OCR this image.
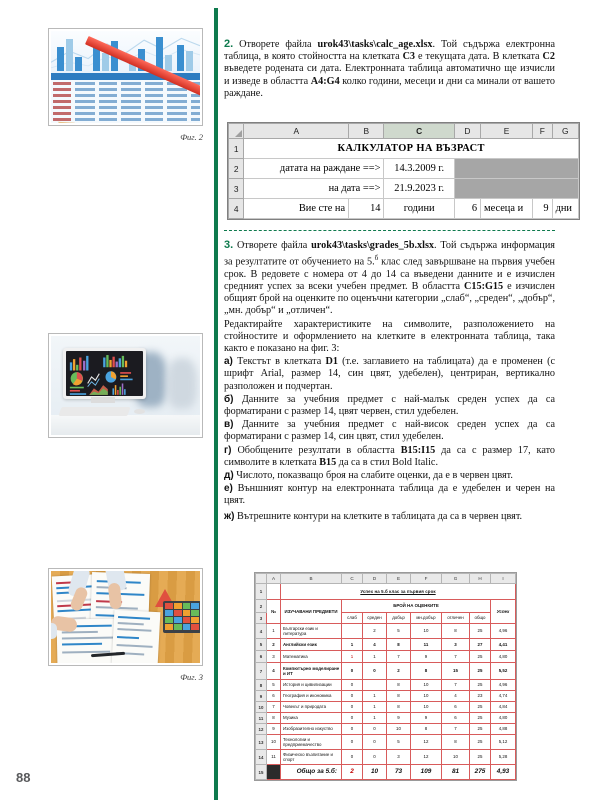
Фиг. 2
Фиг. 3
2. Отворете файла urok43\tasks\calc_age.xlsx. Той съдържа електронна таблица, в която стойността на клетката C3 е текущата дата. В клетката C2 въведете родената си дата. Електронната таблица автоматично ще изчисли и изведе в областта A4:G4 колко години, месеци и дни са минали от вашето раждане.
	A	B	C	D	E	F	G
1	КАЛКУЛАТОР НА ВЪЗРАСТ						
2	датата на раждане ==>		14.3.2009 г.				
3	на дата ==>		21.9.2023 г.				
4	Вие сте на	14	години	6	месеца и	9	дни
3. Отворете файла urok43\tasks\grades_5b.xlsx. Той съдържа информация за резултатите от обучението на 5.$^б$ клас след завършване на първия учебен срок. В редовете с номера от 4 до 14 са въведени данните и е изчислен средният успех за всеки учебен предмет. В областта C15:G15 е изчислен общият брой на оценките по оценъчни категории „слаб“, „среден“, „добър“, „мн. добър“ и „отличен“.
Редактирайте характеристиките на символите, разположението на стойностите и оформлението на клетките в електронната таблица, така както е показано на фиг. 3:
а) Текстът в клетката D1 (т.е. заглавието на таблицата) да е променен (с шрифт Arial, размер 14, син цвят, удебелен), центриран, вертикално разположен и подчертан.
б) Данните за учебния предмет с най-малък среден успех да са форматирани с размер 14, цвят червен, стил удебелен.
в) Данните за учебния предмет с най-висок среден успех да са форматирани с размер 14, син цвят, стил удебелен.
г) Обобщените резултати в областта B15:I15 да са с размер 17, като символите в клетката B15 да са в стил Bold Italic.
д) Числото, показващо броя на слабите оценки, да е в червен цвят.
е) Външният контур на електронната таблица да е удебелен и черен на цвят.
ж) Вътрешните контури на клетките в таблицата да са в червен цвят.
	A	B	C	D	E	F	G	H	I
1		Успех на 5.б клас за първия срок							
2	№	ИЗУЧАВАНИ ПРЕДМЕТИ	БРОЙ НА ОЦЕНКИТЕ						Успех
3			слаб	среден	добър	мн.добър	отличен	общо	
4	1	Български език и литература		2	5	10	8	25	4,96
5	2	Английски език	1	4	8	11	3	27	4,41
6	3	Математика	1	1	7	9	7	25	4,80
7	4	Компютърно моделиране и ИТ	0	0	2	8	15	25	5,52
8	5	История и цивилизации	0		8	10	7	25	4,96
9	6	География и икономика	0	1	8	10	4	23	4,74
10	7	Човекът и природата	0	1	8	10	6	25	4,84
11	8	Музика	0	1	9	9	6	25	4,80
12	9	Изобразително изкуство	0	0	10	8	7	25	4,88
13	10	Технологии и предприемачество	0	0	5	12	8	25	5,12
14	11	Физическо възпитание и спорт	0	0	3	12	10	25	5,28
15		Общо за 5.б:	2	10	73	109	81	275	4,93
88
